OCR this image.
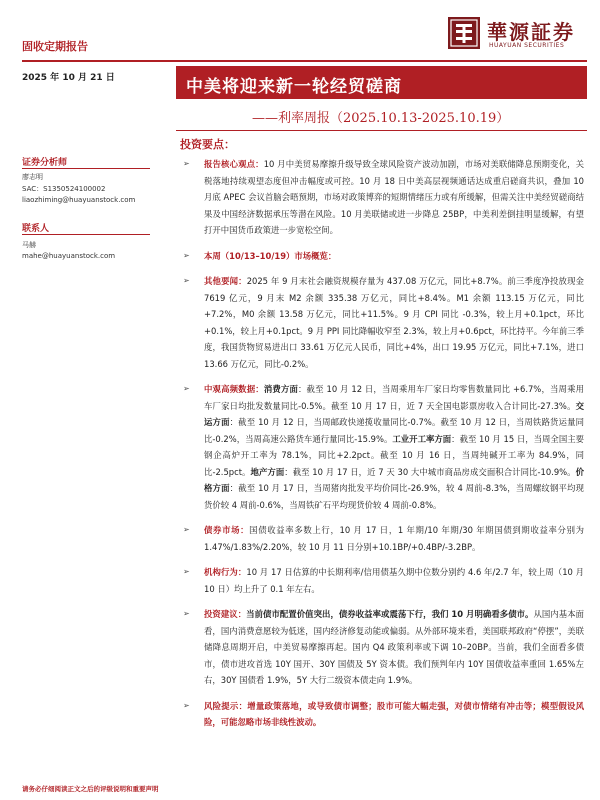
固收定期报告
華源証券
HUAYUAN SECURITIES
2025 年 10 月 21 日	中美将迎来新一轮经贸磋商
——利率周报（2025.10.13-2025.10.19）
投资要点：
证券分析师
廖志明
SAC：S1350524100002
liaozhiming@huayuanstock.com
联系人
马赫
mahe@huayuanstock.com
➢ 报告核心观点：10 月中美贸易摩擦升级导致全球风险资产波动加剧，市场对美联储降息预期变化，关税落地持续观望态度但冲击幅度或可控。10 月 18 日中美高层视频通话达成重启磋商共识，叠加 10 月底 APEC 会议首脑会晤预期，市场对政策博弈的短期情绪压力或有所缓解，但需关注中美经贸磋商结果及中国经济数据承压等潜在风险。10 月美联储或进一步降息 25BP，中美利差倒挂明显缓解，有望打开中国货币政策进一步宽松空间。
➢ 本周（10/13–10/19）市场概览：
➢ 其他要闻：2025 年 9 月末社会融资规模存量为 437.08 万亿元，同比+8.7%。前三季度净投放现金 7619 亿元，9 月末 M2 余额 335.38 万亿元，同比+8.4%。M1 余额 113.15 万亿元，同比+7.2%，M0 余额 13.58 万亿元，同比+11.5%。9 月 CPI 同比 -0.3%，较上月+0.1pct，环比+0.1%，较上月+0.1pct。9 月 PPI 同比降幅收窄至 2.3%，较上月+0.6pct，环比持平。今年前三季度，我国货物贸易进出口 33.61 万亿元人民币，同比+4%，出口 19.95 万亿元，同比+7.1%，进口 13.66 万亿元，同比-0.2%。
➢ 中观高频数据：消费方面：截至 10 月 12 日，当周乘用车厂家日均零售数量同比 +6.7%，当周乘用车厂家日均批发数量同比-0.5%。截至 10 月 17 日，近 7 天全国电影票房收入合计同比-27.3%。交运方面：截至 10 月 12 日，当周邮政快递揽收量同比-0.7%。截至 10 月 12 日，当周铁路货运量同比-0.2%，当周高速公路货车通行量同比-15.9%。工业开工率方面：截至 10 月 15 日，当周全国主要钢企高炉开工率为 78.1%，同比+2.2pct。截至 10 月 16 日，当周纯碱开工率为 84.9%，同比-2.5pct。地产方面：截至 10 月 17 日，近 7 天 30 大中城市商品房成交面积合计同比-10.9%。价格方面：截至 10 月 17 日，当周猪肉批发平均价同比-26.9%，较 4 周前-8.3%，当周螺纹钢平均现货价较 4 周前-0.6%，当周铁矿石平均现货价较 4 周前-0.8%。
➢ 债券市场：国债收益率多数上行，10 月 17 日，1 年期/10 年期/30 年期国债到期收益率分别为 1.47%/1.83%/2.20%，较 10 月 11 日分别+10.1BP/+0.4BP/-3.2BP。
➢ 机构行为：10 月 17 日估算的中长期利率/信用债基久期中位数分别约 4.6 年/2.7 年，较上周（10 月 10 日）均上升了 0.1 年左右。
➢ 投资建议：当前债市配置价值突出，债券收益率或震荡下行，我们 10 月明确看多债市。从国内基本面看，国内消费意愿较为低迷，国内经济修复动能或偏弱。从外部环境来看，美国联邦政府“停摆”，美联储降息周期开启，中美贸易摩擦再起。国内 Q4 政策利率或下调 10–20BP。当前，我们全面看多债市，债市进攻首选 10Y 国开、30Y 国债及 5Y 资本债。我们预判年内 10Y 国债收益率重回 1.65%左右，30Y 国债看 1.9%，5Y 大行二级资本债走向 1.9%。
➢ 风险提示：增量政策落地，或导致债市调整；股市可能大幅走强，对债市情绪有冲击等；模型假设风险，可能忽略市场非线性波动。
请务必仔细阅读正文之后的评级说明和重要声明
